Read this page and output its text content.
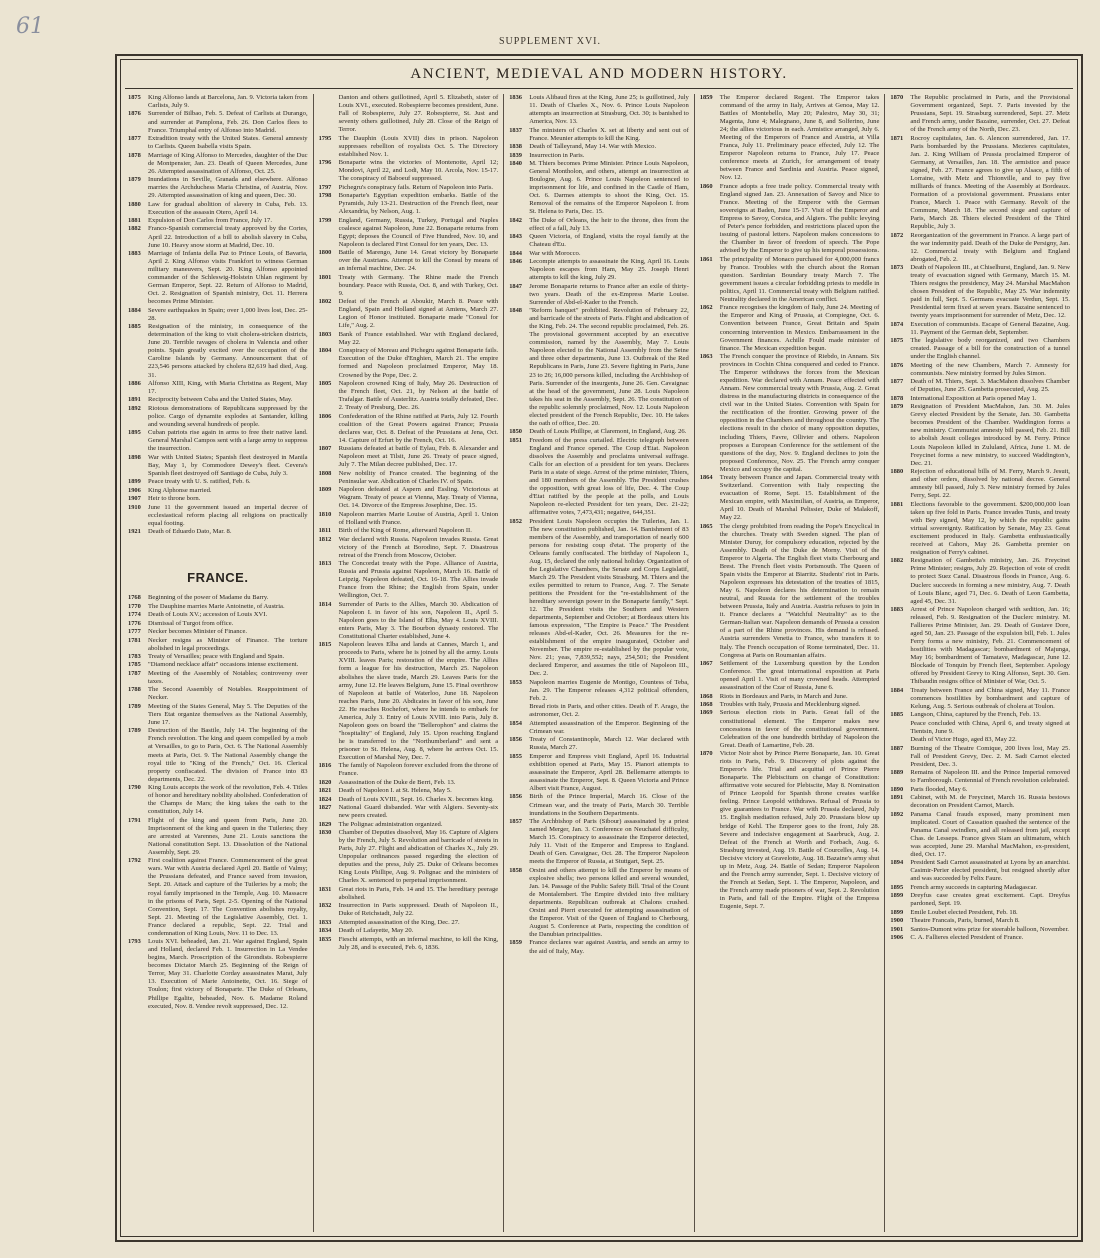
61
SUPPLEMENT XVI.
ANCIENT, MEDIEVAL AND MODERN HISTORY.
1875	King Alfonso lands at Barcelona, Jan. 9. Victoria taken from Carlists, July 9.
1876	Surrender of Bilbao, Feb. 5. Defeat of Carlists at Durango, and surrender at Pamplona, Feb. 26. Don Carlos flees to France. Triumphal entry of Alfonso into Madrid.
1877	Extradition treaty with the United States. General amnesty to Carlists. Queen Isabella visits Spain.
1878	Marriage of King Alfonso to Mercedes, daughter of the Duc de Montpensier, Jan. 23. Death of Queen Mercedes, June 26. Attempted assassination of Alfonso, Oct. 25.
1879	Inundations in Seville, Granada and elsewhere. Alfonso marries the Archduchess Maria Christina, of Austria, Nov. 29. Attempted assassination of king and queen, Dec. 30.
1880	Law for gradual abolition of slavery in Cuba, Feb. 13. Execution of the assassin Otero, April 14.
1881	Expulsion of Don Carlos from France, July 17.
1882	Franco-Spanish commercial treaty approved by the Cortes, April 22. Introduction of a bill to abolish slavery in Cuba, June 10. Heavy snow storm at Madrid, Dec. 10.
1883	Marriage of Infanta della Paz to Prince Louis, of Bavaria, April 2. King Alfonso visits Frankfort to witness German military maneuvers, Sept. 20. King Alfonso appointed commander of the Schleswig-Holstein Uhlan regiment by German Emperor, Sept. 22. Return of Alfonso to Madrid, Oct. 2. Resignation of Spanish ministry, Oct. 11. Herrera becomes Prime Minister.
1884	Severe earthquakes in Spain; over 1,000 lives lost, Dec. 25-28.
1885	Resignation of the ministry, in consequence of the determination of the king to visit cholera-stricken districts, June 20. Terrible ravages of cholera in Valencia and other points. Spain greatly excited over the occupation of the Caroline Islands by Germany. Announcement that of 223,546 persons attacked by cholera 82,619 had died, Aug. 31.
1886	Alfonso XIII, King, with Maria Christina as Regent, May 17.
1891	Reciprocity between Cuba and the United States, May.
1892	Riotous demonstrations of Republicans suppressed by the police. Cargo of dynamite explodes at Santander, killing and wounding several hundreds of people.
1895	Cuban patriots rise again in arms to free their native land. General Marshal Campos sent with a large army to suppress the insurrection.
1898	War with United States; Spanish fleet destroyed in Manila Bay, May 1, by Commodore Dewey's fleet. Cevera's Spanish fleet destroyed off Santiago de Cuba, July 3.
1899	Peace treaty with U. S. ratified, Feb. 6.
1906	King Alphonse married.
1907	Heir to throne born.
1910	June 11 the government issued an imperial decree of ecclesiastical reform placing all religions on practically equal footing.
1921	Death of Eduardo Dato, Mar. 8.
FRANCE.
1768	Beginning of the power of Madame du Barry.
1770	The Dauphine marries Marie Antoinette, of Austria.
1774	Death of Louis XV.; accession of Louis XVI.
1776	Dismissal of Turgot from office.
1777	Necker becomes Minister of Finance.
1781	Necker resigns as Minister of Finance. The torture abolished in legal proceedings.
1783	Treaty of Versailles; peace with England and Spain.
1785	"Diamond necklace affair" occasions intense excitement.
1787	Meeting of the Assembly of Notables; controversy over taxes.
1788	The Second Assembly of Notables. Reappointment of Necker.
1789	Meeting of the States General, May 5. The Deputies of the Tiers Etat organize themselves as the National Assembly, June 17.
1789	Destruction of the Bastile, July 14. The beginning of the French revolution. The king and queen compelled by a mob at Versailles, to go to Paris, Oct. 6. The National Assembly meets at Paris, Oct. 9. The National Assembly change the royal title to "King of the French," Oct. 16. Clerical property confiscated. The division of France into 83 departments, Dec. 22.
1790	King Louis accepts the work of the revolution, Feb. 4. Titles of honor and hereditary nobility abolished. Confederation of the Champs de Mars; the king takes the oath to the constitution, July 14.
1791	Flight of the king and queen from Paris, June 20. Imprisonment of the king and queen in the Tuileries; they are arrested at Varennes, June 21. Louis sanctions the National constitution Sept. 13. Dissolution of the National Assembly, Sept. 29.
1792	First coalition against France. Commencement of the great wars. War with Austria declared April 20. Battle of Valmy; the Prussians defeated, and France saved from invasion, Sept. 20. Attack and capture of the Tuileries by a mob; the royal family imprisoned in the Temple, Aug. 10. Massacre in the prisons of Paris, Sept. 2-5. Opening of the National Convention, Sept. 17. The Convention abolishes royalty, Sept. 21. Meeting of the Legislative Assembly, Oct. 1. France declared a republic, Sept. 22. Trial and condemnation of King Louis, Nov. 11 to Dec. 13.
1793	Louis XVI. beheaded, Jan. 21. War against England, Spain and Holland, declared Feb. 1. Insurrection in La Vendee begins, March. Proscription of the Girondists. Robespierre becomes Dictator March 25. Beginning of the Reign of Terror, May 31. Charlotte Corday assassinates Marat, July 13. Execution of Marie Antoinette, Oct. 16. Siege of Toulon; first victory of Bonaparte. The Duke of Orleans, Phillipe Egalite, beheaded, Nov. 6. Madame Roland executed, Nov. 8. Vendee revolt suppressed, Dec. 12.
Danton and others guillotined, April 5. Elizabeth, sister of Louis XVI., executed. Robespierre becomes president, June. Fall of Robespierre, July 27. Robespierre, St. Just and seventy others guillotined, July 28. Close of the Reign of Terror.
1795	The Dauphin (Louis XVII) dies in prison. Napoleon suppresses rebellion of royalists Oct. 5. The Directory established Nov. 1.
1796	Bonaparte wins the victories of Montenotte, April 12; Mondovi, April 22, and Lodi, May 10. Arcola, Nov. 15-17. The conspiracy of Baboeuf suppressed.
1797	Pichegru's conspiracy fails. Return of Napoleon into Paris.
1798	Bonaparte's Egyptian expedition embarks. Battle of the Pyramids, July 13-21. Destruction of the French fleet, near Alexandria, by Nelson, Aug. 1.
1799	England, Germany, Russia, Turkey, Portugal and Naples coalesce against Napoleon, June 22. Bonaparte returns from Egypt; deposes the Council of Five Hundred, Nov. 10, and Napoleon is declared First Consul for ten years, Dec. 13.
1800	Battle of Marengo, June 14. Great victory by Bonaparte over the Austrians. Attempt to kill the Consul by means of an infernal machine, Dec. 24.
1801	Treaty with Germany. The Rhine made the French boundary. Peace with Russia, Oct. 8, and with Turkey, Oct. 9.
1802	Defeat of the French at Aboukir, March 8. Peace with England, Spain and Holland signed at Amiens, March 27. Legion of Honor instituted. Bonaparte made "Consul for Life," Aug. 2.
1803	Bank of France established. War with England declared, May 22.
1804	Conspiracy of Moreau and Pichegru against Bonaparte fails. Execution of the Duke d'Enghien, March 21. The empire formed and Napoleon proclaimed Emperor, May 18. Crowned by the Pope, Dec. 2.
1805	Napoleon crowned King of Italy, May 26. Destruction of the French fleet, Oct. 21, by Nelson at the battle of Trafalgar. Battle of Austerlitz. Austria totally defeated, Dec. 2. Treaty of Presburg, Dec. 26.
1806	Confederation of the Rhine ratified at Paris, July 12. Fourth coalition of the Great Powers against France; Prussia declares war, Oct. 8. Defeat of the Prussians at Jena, Oct. 14. Capture of Erfurt by the French, Oct. 16.
1807	Russians defeated at battle of Eylau, Feb. 8. Alexander and Napoleon meet at Tilsit, June 26. Treaty of peace signed, July 7. The Milan decree published, Dec. 17.
1808	New nobility of France created. The beginning of the Peninsular war. Abdication of Charles IV. of Spain.
1809	Napoleon defeated at Aspern and Essling. Victorious at Wagram. Treaty of peace at Vienna, May. Treaty of Vienna, Oct. 14. Divorce of the Empress Josephine, Dec. 15.
1810	Napoleon marries Marie Louise of Austria, April 1. Union of Holland with France.
1811	Birth of the King of Rome, afterward Napoleon II.
1812	War declared with Russia. Napoleon invades Russia. Great victory of the French at Borodino, Sept. 7. Disastrous retreat of the French from Moscow, October.
1813	The Concordat treaty with the Pope. Alliance of Austria, Russia and Prussia against Napoleon, March 16. Battle of Leipzig. Napoleon defeated, Oct. 16-18. The Allies invade France from the Rhine; the English from Spain, under Wellington, Oct. 7.
1814	Surrender of Paris to the Allies, March 30. Abdication of Napoleon I. in favor of his son, Napoleon II., April 5. Napoleon goes to the Island of Elba, May 4. Louis XVIII. enters Paris, May 3. The Bourbon dynasty restored. The Constitutional Charter established, June 4.
1815	Napoleon leaves Elba and lands at Cannes, March 1, and proceeds to Paris, where he is joined by all the army. Louis XVIII. leaves Paris; restoration of the empire. The Allies form a league for his destruction, March 25. Napoleon abolishes the slave trade, March 29. Leaves Paris for the army, June 12. He leaves Belgium, June 15. Final overthrow of Napoleon at battle of Waterloo, June 18. Napoleon reaches Paris, June 20. Abdicates in favor of his son, June 22. He reaches Rochefort, where he intends to embark for America, July 3. Entry of Louis XVIII. into Paris, July 8. Napoleon goes on board the "Bellerophon" and claims the "hospitality" of England, July 15. Upon reaching England he is transferred to the "Northumberland" and sent a prisoner to St. Helena, Aug. 8, where he arrives Oct. 15. Execution of Marshal Ney, Dec. 7.
1816	The family of Napoleon forever excluded from the throne of France.
1820	Assassination of the Duke de Berri, Feb. 13.
1821	Death of Napoleon I. at St. Helena, May 5.
1824	Death of Louis XVIII., Sept. 16. Charles X. becomes king.
1827	National Guard disbanded. War with Algiers. Seventy-six new peers created.
1829	The Polignac administration organized.
1830	Chamber of Deputies dissolved, May 16. Capture of Algiers by the French, July 5. Revolution and barricade of streets in Paris, July 27. Flight and abdication of Charles X., July 29. Unpopular ordinances passed regarding the election of deputies and the press, July 25. Duke of Orleans becomes King Louis Phillipe, Aug. 9. Polignac and the ministers of Charles X. sentenced to perpetual imprisonment.
1831	Great riots in Paris, Feb. 14 and 15. The hereditary peerage abolished.
1832	Insurrection in Paris suppressed. Death of Napoleon II., Duke of Reichstadt, July 22.
1833	Attempted assassination of the King, Dec. 27.
1834	Death of Lafayette, May 20.
1835	Fieschi attempts, with an infernal machine, to kill the King, July 28, and is executed, Feb. 6, 1836.
1836	Louis Alibaud fires at the King, June 25; is guillotined, July 11. Death of Charles X., Nov. 6. Prince Louis Napoleon attempts an insurrection at Strasburg, Oct. 30; is banished to America, Nov. 13.
1837	The ministers of Charles X. set at liberty and sent out of France. Meunier attempts to kill the King.
1838	Death of Talleyrand, May 14. War with Mexico.
1839	Insurrection in Paris.
1840	M. Thiers becomes Prime Minister. Prince Louis Napoleon, General Montholon, and others, attempt an insurrection at Boulogne, Aug. 6. Prince Louis Napoleon sentenced to imprisonment for life, and confined in the Castle of Ham, Oct. 6. Darmes attempts to shoot the King, Oct. 15. Removal of the remains of the Emperor Napoleon I. from St. Helena to Paris, Dec. 15.
1842	The Duke of Orleans, the heir to the throne, dies from the effect of a fall, July 13.
1843	Queen Victoria, of England, visits the royal family at the Chateau d'Eu.
1844	War with Morocco.
1846	Lecompte attempts to assassinate the King, April 16. Louis Napoleon escapes from Ham, May 25. Joseph Henri attempts to kill the king, July 29.
1847	Jerome Bonaparte returns to France after an exile of thirty-two years. Death of the ex-Empress Marie Louise. Surrender of Abd-el-Kader to the French.
1848	"Reform banquet" prohibited. Revolution of February 22, and barricade of the streets of Paris. Flight and abdication of the King, Feb. 24. The second republic proclaimed, Feb. 26. The provisional government accepted by an executive commission, named by the Assembly, May 7. Louis Napoleon elected to the National Assembly from the Seine and three other departments, June 13. Outbreak of the Red Republicans in Paris, June 23. Severe fighting in Paris, June 23 to 26; 16,000 persons killed, including the Archbishop of Paris. Surrender of the insurgents, June 26. Gen. Cavaignac at the head of the government, June 28. Louis Napoleon takes his seat in the Assembly, Sept. 26. The constitution of the republic solemnly proclaimed, Nov. 12. Louis Napoleon elected president of the French Republic, Dec. 10. He takes the oath of office, Dec. 20.
1850	Death of Louis Phillipe, at Claremont, in England, Aug. 26.
1851	Freedom of the press curtailed. Electric telegraph between England and France opened. The Coup d'Etat. Napoleon dissolves the Assembly and proclaims universal suffrage. Calls for an election of a president for ten years. Declares Paris in a state of siege. Arrest of the prime minister, Thiers, and 180 members of the Assembly. The President crushes the opposition, with great loss of life, Dec. 4. The Coup d'Etat ratified by the people at the polls, and Louis Napoleon re-elected President for ten years, Dec. 21-22; affirmative votes, 7,473,431; negative, 644,351.
1852	President Louis Napoleon occupies the Tuileries, Jan. 1. The new constitution published, Jan. 14. Banishment of 83 members of the Assembly, and transportation of nearly 600 persons for resisting coup d'etat. The property of the Orleans family confiscated. The birthday of Napoleon I., Aug. 15, declared the only national holiday. Organization of the Legislative Chambers, the Senate and Corps Legislatif, March 29. The President visits Strasburg. M. Thiers and the exiles permitted to return to France, Aug. 7. The Senate petitions the President for the "re-establishment of the hereditary sovereign power in the Bonaparte family," Sept. 12. The President visits the Southern and Western departments, September and October; at Bordeaux utters his famous expression, "The Empire is Peace." The President releases Abd-el-Kader, Oct. 26. Measures for the re-establishment of the empire inaugurated, October and November. The empire re-established by the popular vote, Nov. 21; yeas, 7,839,552; nays, 254,501; the President declared Emperor, and assumes the title of Napoleon III., Dec. 2.
1853	Napoleon marries Eugenie de Montigo, Countess of Teba, Jan. 29. The Emperor releases 4,312 political offenders, Feb. 2.
Bread riots in Paris, and other cities. Death of F. Arago, the astronomer, Oct. 2.
1854	Attempted assassination of the Emperor. Beginning of the Crimean war.
1856	Treaty of Constantinople, March 12. War declared with Russia, March 27.
1855	Emperor and Empress visit England, April 16. Industrial exhibition opened at Paris, May 15. Pianori attempts to assassinate the Emperor, April 28. Bellemarre attempts to assassinate the Emperor, Sept. 8. Queen Victoria and Prince Albert visit France, August.
1856	Birth of the Prince Imperial, March 16. Close of the Crimean war, and the treaty of Paris, March 30. Terrible inundations in the Southern Departments.
1857	The Archbishop of Paris (Sibour) assassinated by a priest named Merger, Jan. 3. Conference on Neuchatel difficulty, March 15. Conspiracy to assassinate the Emperor detected, July 11. Visit of the Emperor and Empress to England. Death of Gen. Cavaignac, Oct. 28. The Emperor Napoleon meets the Emperor of Russia, at Stuttgart, Sept. 25.
1858	Orsini and others attempt to kill the Emperor by means of explosive shells; two persons killed and several wounded, Jan. 14. Passage of the Public Safety Bill. Trial of the Count de Montalembert. The Empire divided into five military departments. Republican outbreak at Chalons crushed. Orsini and Pierri executed for attempting assassination of the Emperor. Visit of the Queen of England to Cherbourg, August 5. Conference at Paris, respecting the condition of the Danubian principalities.
1859	France declares war against Austria, and sends an army to the aid of Italy, May.
1859	The Emperor declared Regent. The Emperor takes command of the army in Italy, Arrives at Genoa, May 12. Battles of Montebello, May 20; Palestro, May 30, 31; Magenta, June 4; Malegnano, June 8, and Solferino, June 24; the allies victorious in each. Armistice arranged, July 6. Meeting of the Emperors of France and Austria, at Villa Franca, July 11. Preliminary peace effected, July 12. The Emperor Napoleon returns to France, July 17. Peace conference meets at Zurich, for arrangement of treaty between France and Sardinia and Austria. Peace signed, Nov. 12.
1860	France adopts a free trade policy. Commercial treaty with England signed Jan. 23. Annexation of Savoy and Nice to France. Meeting of the Emperor with the German sovereigns at Baden, June 15-17. Visit of the Emperor and Empress to Savoy, Corsica, and Algiers. The public levying of Peter's pence forbidden, and restrictions placed upon the issuing of pastoral letters. Napoleon makes concessions to the Chamber in favor of freedom of speech. The Pope advised by the Emperor to give up his temporal possessions.
1861	The principality of Monaco purchased for 4,000,000 francs by France. Troubles with the church about the Roman question. Sardinian Boundary treaty March 7. The government issues a circular forbidding priests to meddle in politics, April 11. Commercial treaty with Belgium ratified. Neutrality declared in the American conflict.
1862	France recognises the kingdom of Italy, June 24. Meeting of the Emperor and King of Prussia, at Compiegne, Oct. 6. Convention between France, Great Britain and Spain concerning intervention in Mexico. Embarrassment in the Government finances. Achille Fould made minister of finance. The Mexican expedition begun.
1863	The French conquer the province of Riebdo, in Annam. Six provinces in Cochin China conquered and ceded to France. The Emperor withdraws the forces from the Mexican expedition. War declared with Annam. Peace effected with Annam. New commercial treaty with Prussia, Aug. 2. Great distress in the manufacturing districts in consequence of the civil war in the United States. Convention with Spain for the rectification of the frontier. Growing power of the opposition in the Chambers and throughout the country. The elections result in the choice of many opposition deputies, including Thiers, Favre, Ollivier and others. Napoleon proposes a European Conference for the settlement of the questions of the day, Nov. 9. England declines to join the proposed Conference, Nov. 25. The French army conquer Mexico and occupy the capital.
1864	Treaty between France and Japan. Commercial treaty with Switzerland. Convention with Italy respecting the evacuation of Rome, Sept. 15. Establishment of the Mexican empire, with Maximilian, of Austria, as Emperor, April 10. Death of Marshal Pelissier, Duke of Malakoff, May 22.
1865	The clergy prohibited from reading the Pope's Encyclical in the churches. Treaty with Sweden signed. The plan of Minister Duruy, for compulsory education, rejected by the Assembly. Death of the Duke de Morny. Visit of the Emperor to Algeria. The English fleet visits Cherbourg and Brest. The French fleet visits Portsmouth. The Queen of Spain visits the Emperor at Biarritz. Students' riot in Paris. Napoleon expresses his detestation of the treaties of 1815, May 6. Napoleon declares his determination to remain neutral, and Russia for the settlement of the troubles between Prussia, Italy and Austria. Austria refuses to join in it. France declares a "Watchful Neutrality" as to the German-Italian war. Napoleon demands of Prussia a cession of a part of the Rhine provinces. His demand is refused. Austria surrenders Venetia to France, who transfers it to Italy. The French occupation of Rome terminated, Dec. 11. Congress at Paris on Roumanian affairs.
1867	Settlement of the Luxemburg question by the London Conference. The great international exposition at Paris opened April 1. Visit of many crowned heads. Attempted assassination of the Czar of Russia, June 6.
1868	Riots in Bordeaux and Paris, in March and June.
1868	Troubles with Italy, Prussia and Mecklenburg signed.
1869	Serious election riots in Paris. Great fall of the constitutional element. The Emperor makes new concessions in favor of the constitutional government. Celebration of the one hundredth birthday of Napoleon the Great. Death of Lamartine, Feb. 28.
1870	Victor Noir shot by Prince Pierre Bonaparte, Jan. 10. Great riots in Paris, Feb. 9. Discovery of plots against the Emperor's life. Trial and acquittal of Prince Pierre Bonaparte. The Plebiscitum on change of Constitution: affirmative vote secured for Plebiscite, May 8. Nomination of Prince Leopold for Spanish throne creates warlike feeling. Prince Leopold withdraws. Refusal of Prussia to give guarantees to France. War with Prussia declared, July 15. English mediation refused, July 20. Prussians blow up bridge of Kehl. The Emperor goes to the front, July 28. Severe and indecisive engagement at Saarbruck, Aug. 2. Defeat of the French at Worth and Forbach, Aug. 6. Strasburg invested, Aug. 19. Battle of Courcelles, Aug. 14. Decisive victory at Gravelotte, Aug. 18. Bazaine's army shut up in Metz, Aug. 24. Battle of Sedan; Emperor Napoleon and the French army surrender, Sept. 1. Decisive victory of the French at Sedan, Sept. 1. The Emperor, Napoleon, and the French army made prisoners of war, Sept. 2. Revolution in Paris, and fall of the Empire. Flight of the Empress Eugenie, Sept. 7.
1870	The Republic proclaimed in Paris, and the Provisional Government organized, Sept. 7. Paris invested by the Prussians, Sept. 19. Strasburg surrendered, Sept. 27. Metz and French army, under Bazaine, surrender, Oct. 27. Defeat of the French army of the North, Dec. 23.
1871	Rocroy capitulates, Jan. 6. Alencon surrendered, Jan. 17. Paris bombarded by the Prussians. Mezieres capitulates, Jan. 2. King William of Prussia proclaimed Emperor of Germany, at Versailles, Jan. 18. The armistice and peace signed, Feb. 27. France agrees to give up Alsace, a fifth of Lorraine, with Metz and Thionville, and to pay five milliards of francs. Meeting of the Assembly at Bordeaux. Formation of a provisional government. Prussians enter France, March 1. Peace with Germany. Revolt of the Commune, March 18. The second siege and capture of Paris, March 28. Thiers elected President of the Third Republic, July 3.
1872	Reorganization of the government in France. A large part of the war indemnity paid. Death of the Duke de Persigny, Jan. 12. Commercial treaty with Belgium and England abrogated, Feb. 2.
1873	Death of Napoleon III., at Chiselhurst, England, Jan. 9. New treaty of evacuation signed with Germany, March 15. M. Thiers resigns the presidency, May 24. Marshal MacMahon chosen President of the Republic, May 25. War indemnity paid in full, Sept. 5. Germans evacuate Verdun, Sept. 15. Presidential term fixed at seven years. Bazaine sentenced to twenty years imprisonment for surrender of Metz, Dec. 12.
1874	Execution of communists. Escape of General Bazaine, Aug. 11. Payment of the German debt, September.
1875	The legislative body reorganized, and two Chambers created. Passage of a bill for the construction of a tunnel under the English channel.
1876	Meeting of the new Chambers, March 7. Amnesty for communists. New ministry formed by Jules Simon.
1877	Death of M. Thiers, Sept. 3. MacMahon dissolves Chamber of Deputies, June 25. Gambetta prosecuted, Aug. 25.
1878	International Exposition at Paris opened May 1.
1879	Resignation of President MacMahon, Jan. 30. M. Jules Grevy elected President by the Senate, Jan. 30. Gambetta becomes President of the Chamber. Waddington forms a new ministry. Communist amnesty bill passed, Feb. 21. Bill to abolish Jesuit colleges introduced by M. Ferry. Prince Louis Napoleon killed in Zululand, Africa, June 1. M. de Freycinet forms a new ministry, to succeed Waddington's, Dec. 21.
1880	Rejection of educational bills of M. Ferry, March 9. Jesuit, and other orders, dissolved by national decree. General amnesty bill passed, July 3. New ministry formed by Jules Ferry, Sept. 22.
1881	Elections favorable to the government. $200,000,000 loan taken up five fold in Paris. France invades Tunis, and treaty with Bey signed, May 12, by which the republic gains virtual sovereignty. Ratification by Senate, May 23. Great excitement produced in Italy. Gambetta enthusiastically received at Cahors, May 26. Gambetta premier on resignation of Ferry's cabinet.
1882	Resignation of Gambetta's ministry, Jan. 26. Freycinet Prime Minister; resigns, July 29. Rejection of vote of credit to protect Suez Canal. Disastrous floods in France, Aug. 6. Duclerc succeeds in forming a new ministry, Aug. 7. Death of Louis Blanc, aged 71, Dec. 6. Death of Leon Gambetta, aged 45, Dec. 31.
1883	Arrest of Prince Napoleon charged with sedition, Jan. 16; released, Feb. 9. Resignation of the Duclerc ministry. M. Fallieres Prime Minister, Jan. 29. Death of Gustave Dore, aged 50, Jan. 23. Passage of the expulsion bill, Feb. 1. Jules Ferry forms a new ministry, Feb. 21. Commencement of hostilities with Madagascar; bombardment of Majunga, May 16; bombardment of Tamatave, Madagascar, June 12. Blockade of Tonquin by French fleet, September. Apology offered by President Grevy to King Alfonso, Sept. 30. Gen. Thibaudin resigns office of Minister of War, Oct. 5.
1884	Treaty between France and China signed, May 11. France commences hostilities by bombardment and capture of Kelung, Aug. 5. Serious outbreak of cholera at Toulon.
1885	Langson, China, captured by the French, Feb. 13.
Peace concluded with China, April 6, and treaty signed at Tientsin, June 9.
Death of Victor Hugo, aged 83, May 22.
1887	Burning of the Theatre Comique, 200 lives lost, May 25. Fall of President Grevy, Dec. 2. M. Sadi Carnot elected President, Dec. 3.
1889	Remains of Napoleon III. and the Prince Imperial removed to Farnborough. Centennial of French revolution celebrated.
1890	Paris flooded, May 6.
1891	Cabinet, with M. de Freycinet, March 16. Russia bestows decoration on President Carnot, March.
1892	Panama Canal frauds exposed, many prominent men implicated. Court of Cassation quashed the sentence of the Panama Canal swindlers, and all released from jail, except Chas. de Lesseps. France gives Siam an ultimatum, which was accepted, June 29. Marshal MacMahon, ex-president, died, Oct. 17.
1894	President Sadi Carnot assassinated at Lyons by an anarchist. Casimir-Perier elected president, but resigned shortly after and was succeeded by Felix Faure.
1895	French army succeeds in capturing Madagascar.
1899	Dreyfus case creates great excitement. Capt. Dreyfus pardoned, Sept. 19.
1899	Emile Loubet elected President, Feb. 18.
1900	Theatre Francais, Paris, burned, March 8.
1901	Santos-Dumont wins prize for steerable balloon, November.
1906	C. A. Fallieres elected President of France.
